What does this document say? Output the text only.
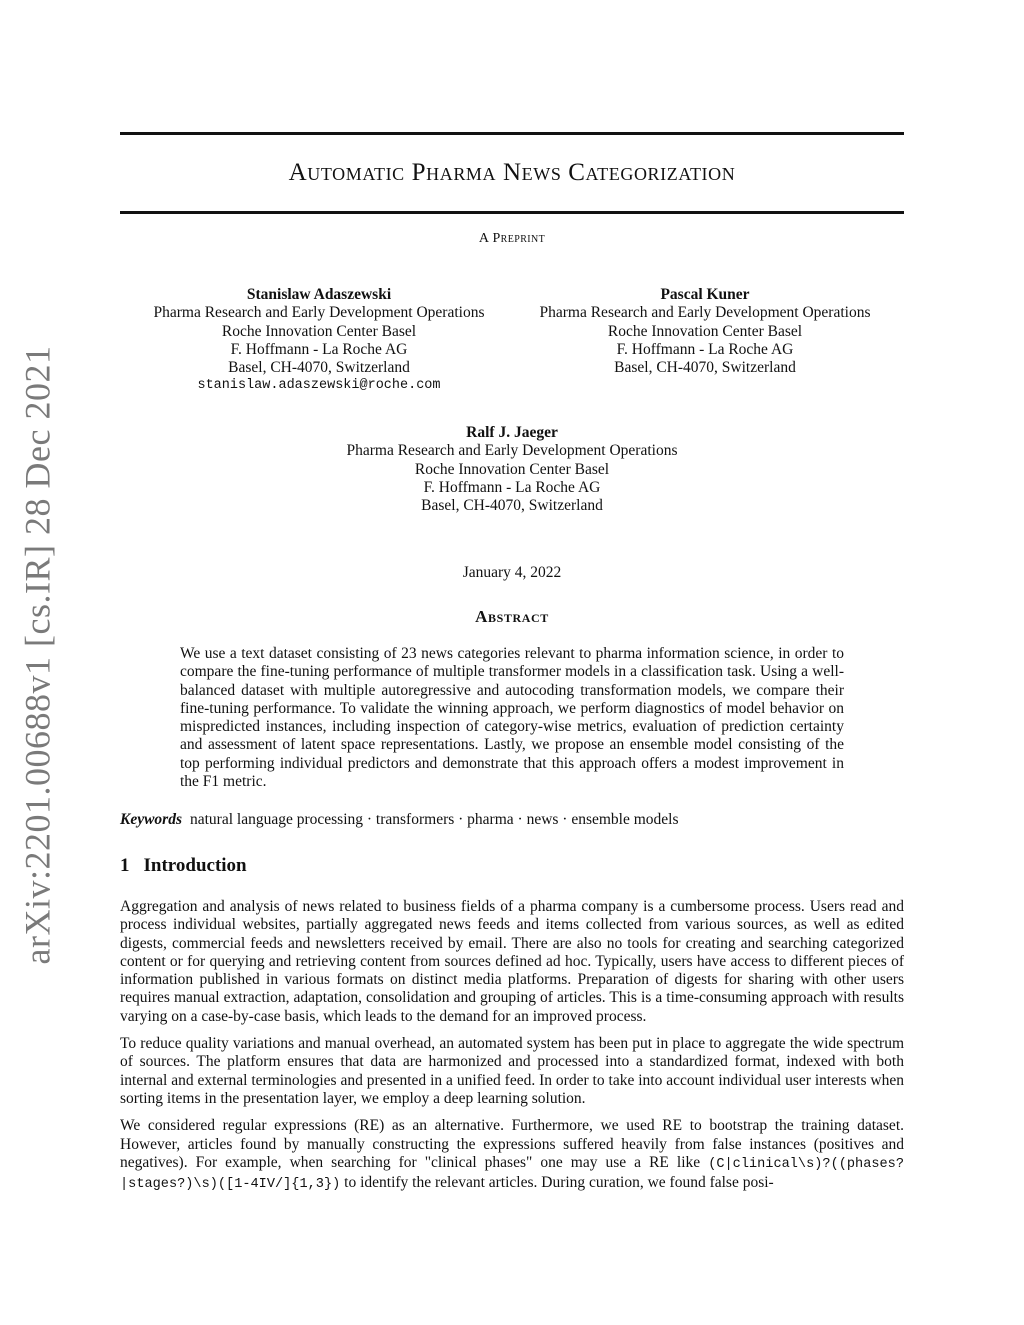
arXiv:2201.00688v1 [cs.IR] 28 Dec 2021
Automatic Pharma News Categorization
A Preprint
Stanislaw Adaszewski
Pharma Research and Early Development Operations
Roche Innovation Center Basel
F. Hoffmann - La Roche AG
Basel, CH-4070, Switzerland
stanislaw.adaszewski@roche.com
Pascal Kuner
Pharma Research and Early Development Operations
Roche Innovation Center Basel
F. Hoffmann - La Roche AG
Basel, CH-4070, Switzerland
Ralf J. Jaeger
Pharma Research and Early Development Operations
Roche Innovation Center Basel
F. Hoffmann - La Roche AG
Basel, CH-4070, Switzerland
January 4, 2022
Abstract

We use a text dataset consisting of 23 news categories relevant to pharma information science, in order to compare the fine-tuning performance of multiple transformer models in a classification task. Using a well-balanced dataset with multiple autoregressive and autocoding transformation models, we compare their fine-tuning performance. To validate the winning approach, we perform diagnostics of model behavior on mispredicted instances, including inspection of category-wise metrics, evaluation of prediction certainty and assessment of latent space representations. Lastly, we propose an ensemble model consisting of the top performing individual predictors and demonstrate that this approach offers a modest improvement in the F1 metric.

Keywords natural language processing · transformers · pharma · news · ensemble models
1 Introduction

Aggregation and analysis of news related to business fields of a pharma company is a cumbersome process. Users read and process individual websites, partially aggregated news feeds and items collected from various sources, as well as edited digests, commercial feeds and newsletters received by email. There are also no tools for creating and searching categorized content or for querying and retrieving content from sources defined ad hoc. Typically, users have access to different pieces of information published in various formats on distinct media platforms. Preparation of digests for sharing with other users requires manual extraction, adaptation, consolidation and grouping of articles. This is a time-consuming approach with results varying on a case-by-case basis, which leads to the demand for an improved process.

To reduce quality variations and manual overhead, an automated system has been put in place to aggregate the wide spectrum of sources. The platform ensures that data are harmonized and processed into a standardized format, indexed with both internal and external terminologies and presented in a unified feed. In order to take into account individual user interests when sorting items in the presentation layer, we employ a deep learning solution.

We considered regular expressions (RE) as an alternative. Furthermore, we used RE to bootstrap the training dataset. However, articles found by manually constructing the expressions suffered heavily from false instances (positives and negatives). For example, when searching for "clinical phases" one may use a RE like (C|clinical\s)?((phases?|stages?)\s)([1-4IV/]{1,3}) to identify the relevant articles. During curation, we found false posi-
